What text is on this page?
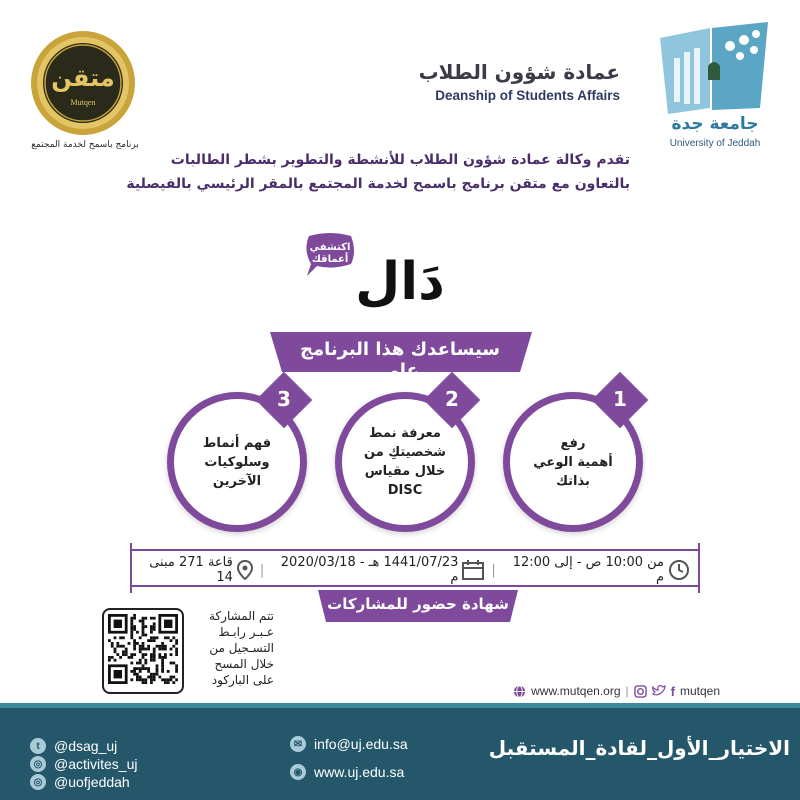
متقن
Mutqen
برنامج باسمح لخدمة المجتمع
عمادة شؤون الطلاب
Deanship of Students Affairs
جامعة جدة
University of Jeddah
تقدم وكالة عمادة شؤون الطلاب للأنشطة والتطوير بشطر الطالبات
بالتعاون مع متقن برنامج باسمح لخدمة المجتمع بالمقر الرئيسي بالفيصلية
اكتشفي
أعماقك دَال
سيساعدك هذا البرنامج على
رفع
أهمية الوعي
بذاتك
1
معرفة نمط
شخصيتكِ من
خلال مقياس
DISC
2
فهم أنماط
وسلوكيات
الآخرين
3
من 10:00 ص - إلى 12:00 م
|
1441/07/23 هـ - 2020/03/18 م
|
قاعة 271 مبنى 14
شهادة حضور للمشاركات
تتم المشاركة
عـبـر رابـط
التسـجيل من
خلال المسح
على الباركود
www.mutqen.org |	f mutqen
الاختيار_الأول_لقادة_المستقبل
✉ info@uj.edu.sa
◉ www.uj.edu.sa
t	@dsag_uj
◎ @activites_uj
◎ @uofjeddah
